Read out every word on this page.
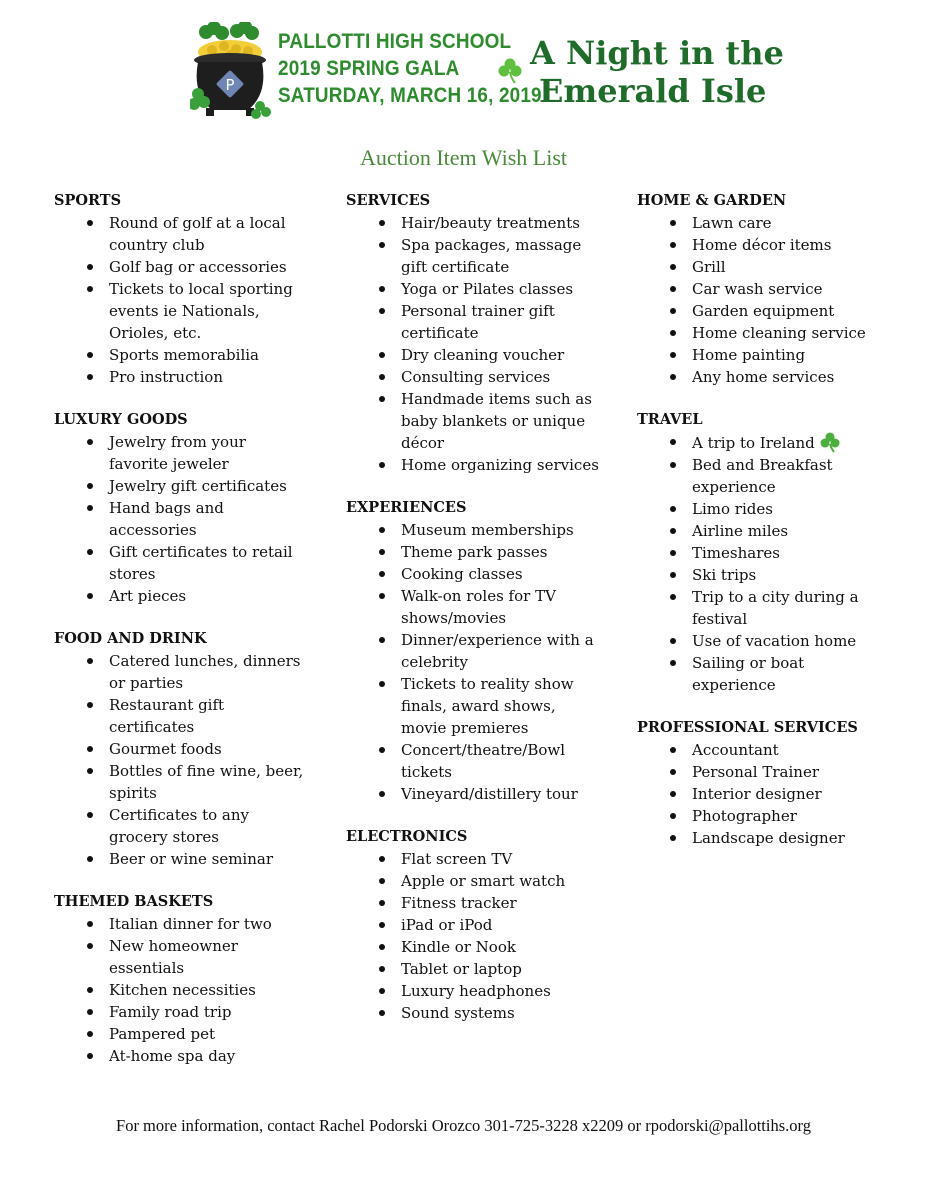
P
PALLOTTI HIGH SCHOOL
2019 SPRING GALA
SATURDAY, MARCH 16, 2019
A Night in the
Emerald Isle
Auction Item Wish List
SPORTS
Round of golf at a local country club
Golf bag or accessories
Tickets to local sporting events ie Nationals, Orioles, etc.
Sports memorabilia
Pro instruction
LUXURY GOODS
Jewelry from your favorite jeweler
Jewelry gift certificates
Hand bags and accessories
Gift certificates to retail stores
Art pieces
FOOD AND DRINK
Catered lunches, dinners or parties
Restaurant gift certificates
Gourmet foods
Bottles of fine wine, beer, spirits
Certificates to any grocery stores
Beer or wine seminar
THEMED BASKETS
Italian dinner for two
New homeowner essentials
Kitchen necessities
Family road trip
Pampered pet
At-home spa day
SERVICES
Hair/beauty treatments
Spa packages, massage gift certificate
Yoga or Pilates classes
Personal trainer gift certificate
Dry cleaning voucher
Consulting services
Handmade items such as baby blankets or unique décor
Home organizing services
EXPERIENCES
Museum memberships
Theme park passes
Cooking classes
Walk-on roles for TV shows/movies
Dinner/experience with a celebrity
Tickets to reality show finals, award shows, movie premieres
Concert/theatre/Bowl tickets
Vineyard/distillery tour
ELECTRONICS
Flat screen TV
Apple or smart watch
Fitness tracker
iPad or iPod
Kindle or Nook
Tablet or laptop
Luxury headphones
Sound systems
HOME & GARDEN
Lawn care
Home décor items
Grill
Car wash service
Garden equipment
Home cleaning service
Home painting
Any home services
TRAVEL
A trip to Ireland
Bed and Breakfast experience
Limo rides
Airline miles
Timeshares
Ski trips
Trip to a city during a festival
Use of vacation home
Sailing or boat experience
PROFESSIONAL SERVICES
Accountant
Personal Trainer
Interior designer
Photographer
Landscape designer
For more information, contact Rachel Podorski Orozco 301-725-3228 x2209 or rpodorski@pallottihs.org
